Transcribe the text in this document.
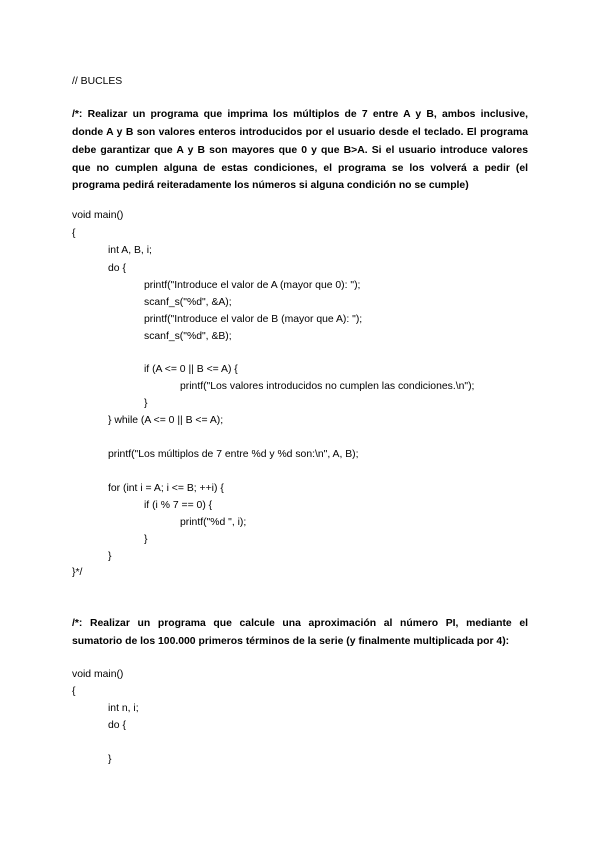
// BUCLES
/*: Realizar un programa que imprima los múltiplos de 7 entre A y B, ambos inclusive,
donde A y B son valores enteros introducidos por el usuario desde el teclado. El programa
debe garantizar que A y B son mayores que 0 y que B>A. Si el usuario introduce valores
que no cumplen alguna de estas condiciones, el programa se los volverá a pedir (el
programa pedirá reiteradamente los números si alguna condición no se cumple)
void main()
{
int A, B, i;
do {
printf("Introduce el valor de A (mayor que 0): ");
scanf_s("%d", &A);
printf("Introduce el valor de B (mayor que A): ");
scanf_s("%d", &B);
if (A <= 0 || B <= A) {
printf("Los valores introducidos no cumplen las condiciones.\n");
}
} while (A <= 0 || B <= A);
printf("Los múltiplos de 7 entre %d y %d son:\n", A, B);
for (int i = A; i <= B; ++i) {
if (i % 7 == 0) {
printf("%d ", i);
}
}
}*/
/*: Realizar un programa que calcule una aproximación al número PI, mediante el
sumatorio de los 100.000 primeros términos de la serie (y finalmente multiplicada por 4):
void main()
{
int n, i;
do {
}
